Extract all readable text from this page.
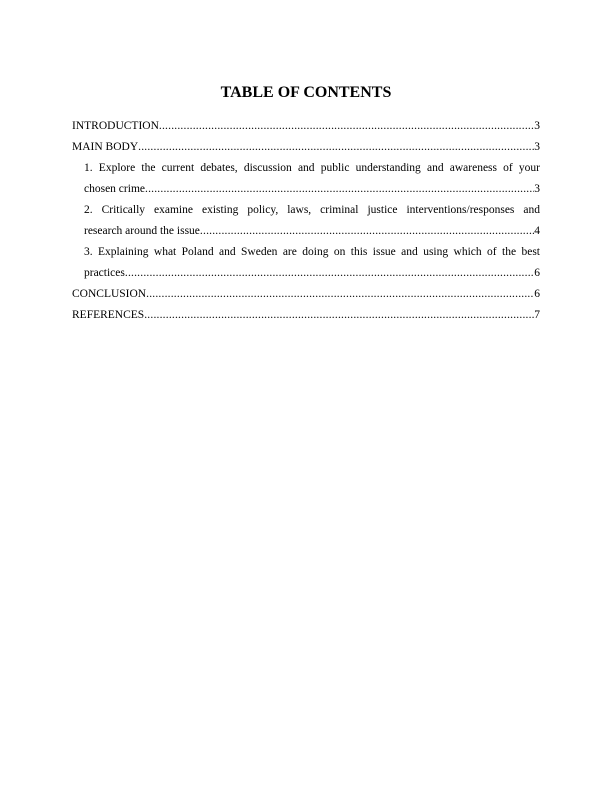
TABLE OF CONTENTS
INTRODUCTION .....	3
MAIN BODY .....	3
1. Explore the current debates, discussion and public understanding and awareness of your
chosen crime .....	3
2. Critically examine existing policy, laws, criminal justice interventions/responses and
research around the issue .....	4
3. Explaining what Poland and Sweden are doing on this issue and using which of the best
practices .....	6
CONCLUSION .....	6
REFERENCES .....	7
